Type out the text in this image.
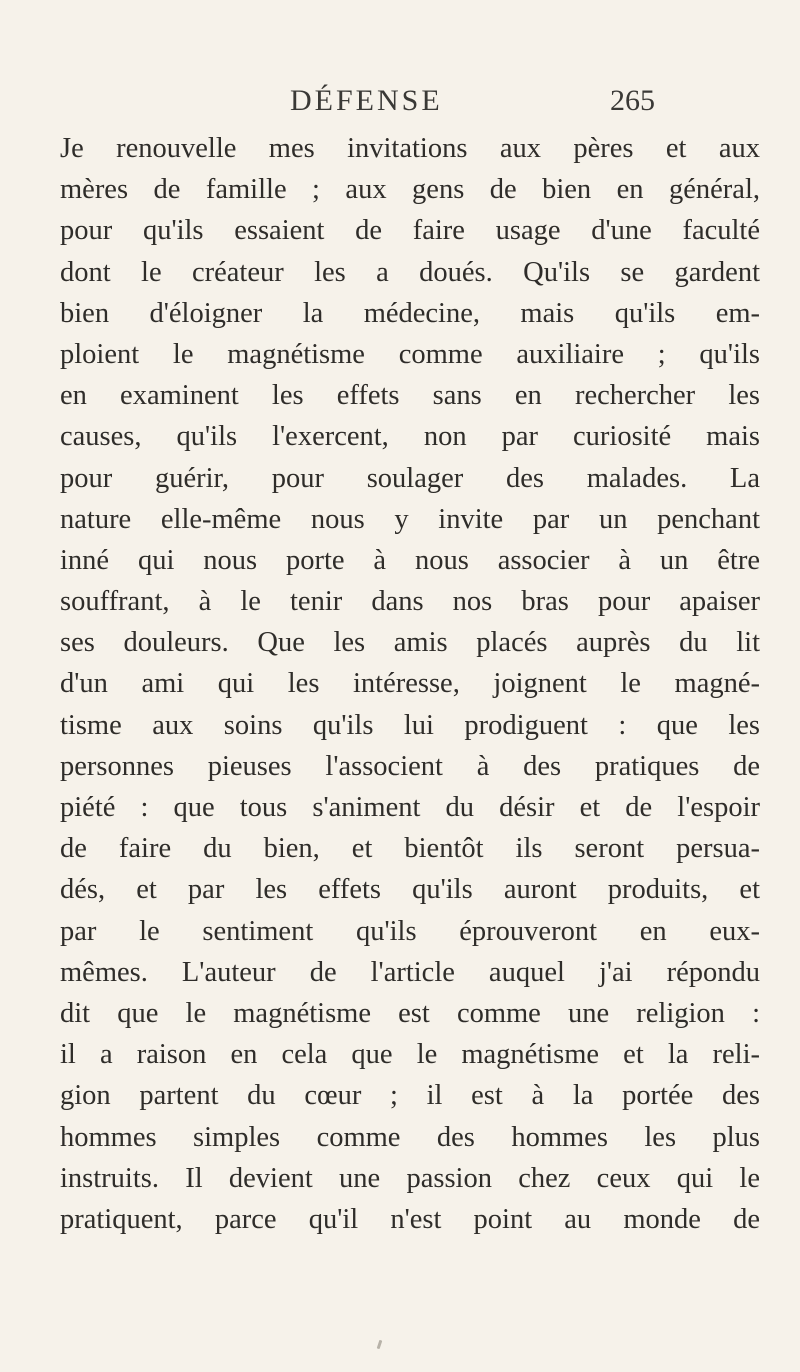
DÉFENSE	265
Je renouvelle mes invitations aux pères et aux
mères de famille ; aux gens de bien en général,
pour qu'ils essaient de faire usage d'une faculté
dont le créateur les a doués. Qu'ils se gardent
bien d'éloigner la médecine, mais qu'ils em-
ploient le magnétisme comme auxiliaire ; qu'ils
en examinent les effets sans en rechercher les
causes, qu'ils l'exercent, non par curiosité mais
pour guérir, pour soulager des malades. La
nature elle-même nous y invite par un penchant
inné qui nous porte à nous associer à un être
souffrant, à le tenir dans nos bras pour apaiser
ses douleurs. Que les amis placés auprès du lit
d'un ami qui les intéresse, joignent le magné-
tisme aux soins qu'ils lui prodiguent : que les
personnes pieuses l'associent à des pratiques de
piété : que tous s'animent du désir et de l'espoir
de faire du bien, et bientôt ils seront persua-
dés, et par les effets qu'ils auront produits, et
par le sentiment qu'ils éprouveront en eux-
mêmes. L'auteur de l'article auquel j'ai répondu
dit que le magnétisme est comme une religion :
il a raison en cela que le magnétisme et la reli-
gion partent du cœur ; il est à la portée des
hommes simples comme des hommes les plus
instruits. Il devient une passion chez ceux qui le
pratiquent, parce qu'il n'est point au monde de
